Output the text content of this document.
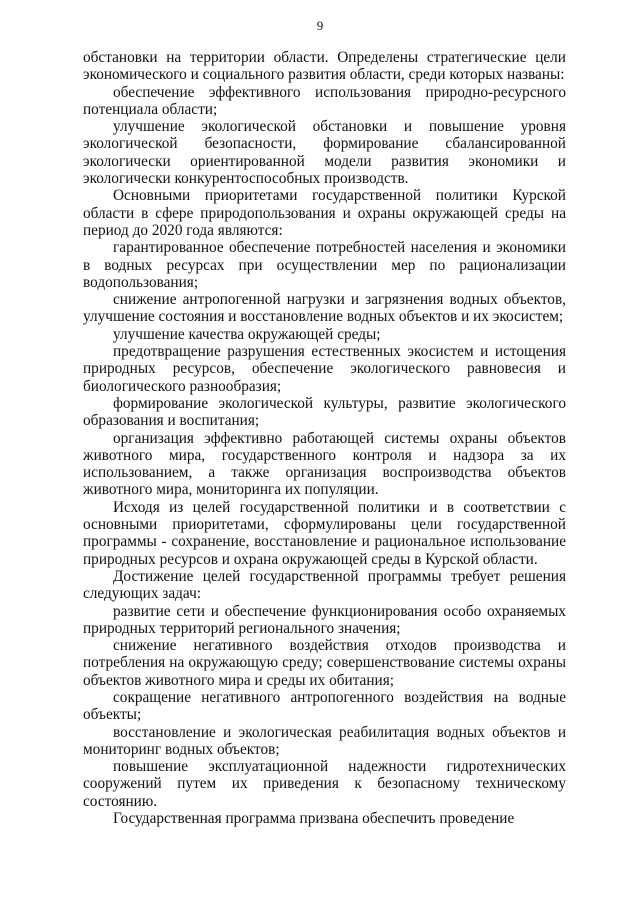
9

обстановки на территории области. Определены стратегические цели экономического и социального развития области, среди которых названы:

обеспечение эффективного использования природно-ресурсного потенциала области;

улучшение экологической обстановки и повышение уровня экологической безопасности, формирование сбалансированной экологически ориентированной модели развития экономики и экологически конкурентоспособных производств.

Основными приоритетами государственной политики Курской области в сфере природопользования и охраны окружающей среды на период до 2020 года являются:

гарантированное обеспечение потребностей населения и экономики в водных ресурсах при осуществлении мер по рационализации водопользования;

снижение антропогенной нагрузки и загрязнения водных объектов, улучшение состояния и восстановление водных объектов и их экосистем;

улучшение качества окружающей среды;

предотвращение разрушения естественных экосистем и истощения природных ресурсов, обеспечение экологического равновесия и биологического разнообразия;

формирование экологической культуры, развитие экологического образования и воспитания;

организация эффективно работающей системы охраны объектов животного мира, государственного контроля и надзора за их использованием, а также организация воспроизводства объектов животного мира, мониторинга их популяции.

Исходя из целей государственной политики и в соответствии с основными приоритетами, сформулированы цели государственной программы - сохранение, восстановление и рациональное использование природных ресурсов и охрана окружающей среды в Курской области.

Достижение целей государственной программы требует решения следующих задач:

развитие сети и обеспечение функционирования особо охраняемых природных территорий регионального значения;

снижение негативного воздействия отходов производства и потребления на окружающую среду; совершенствование системы охраны объектов животного мира и среды их обитания;

сокращение негативного антропогенного воздействия на водные объекты;

восстановление и экологическая реабилитация водных объектов и мониторинг водных объектов;

повышение эксплуатационной надежности гидротехнических сооружений путем их приведения к безопасному техническому состоянию.

Государственная программа призвана обеспечить проведение
